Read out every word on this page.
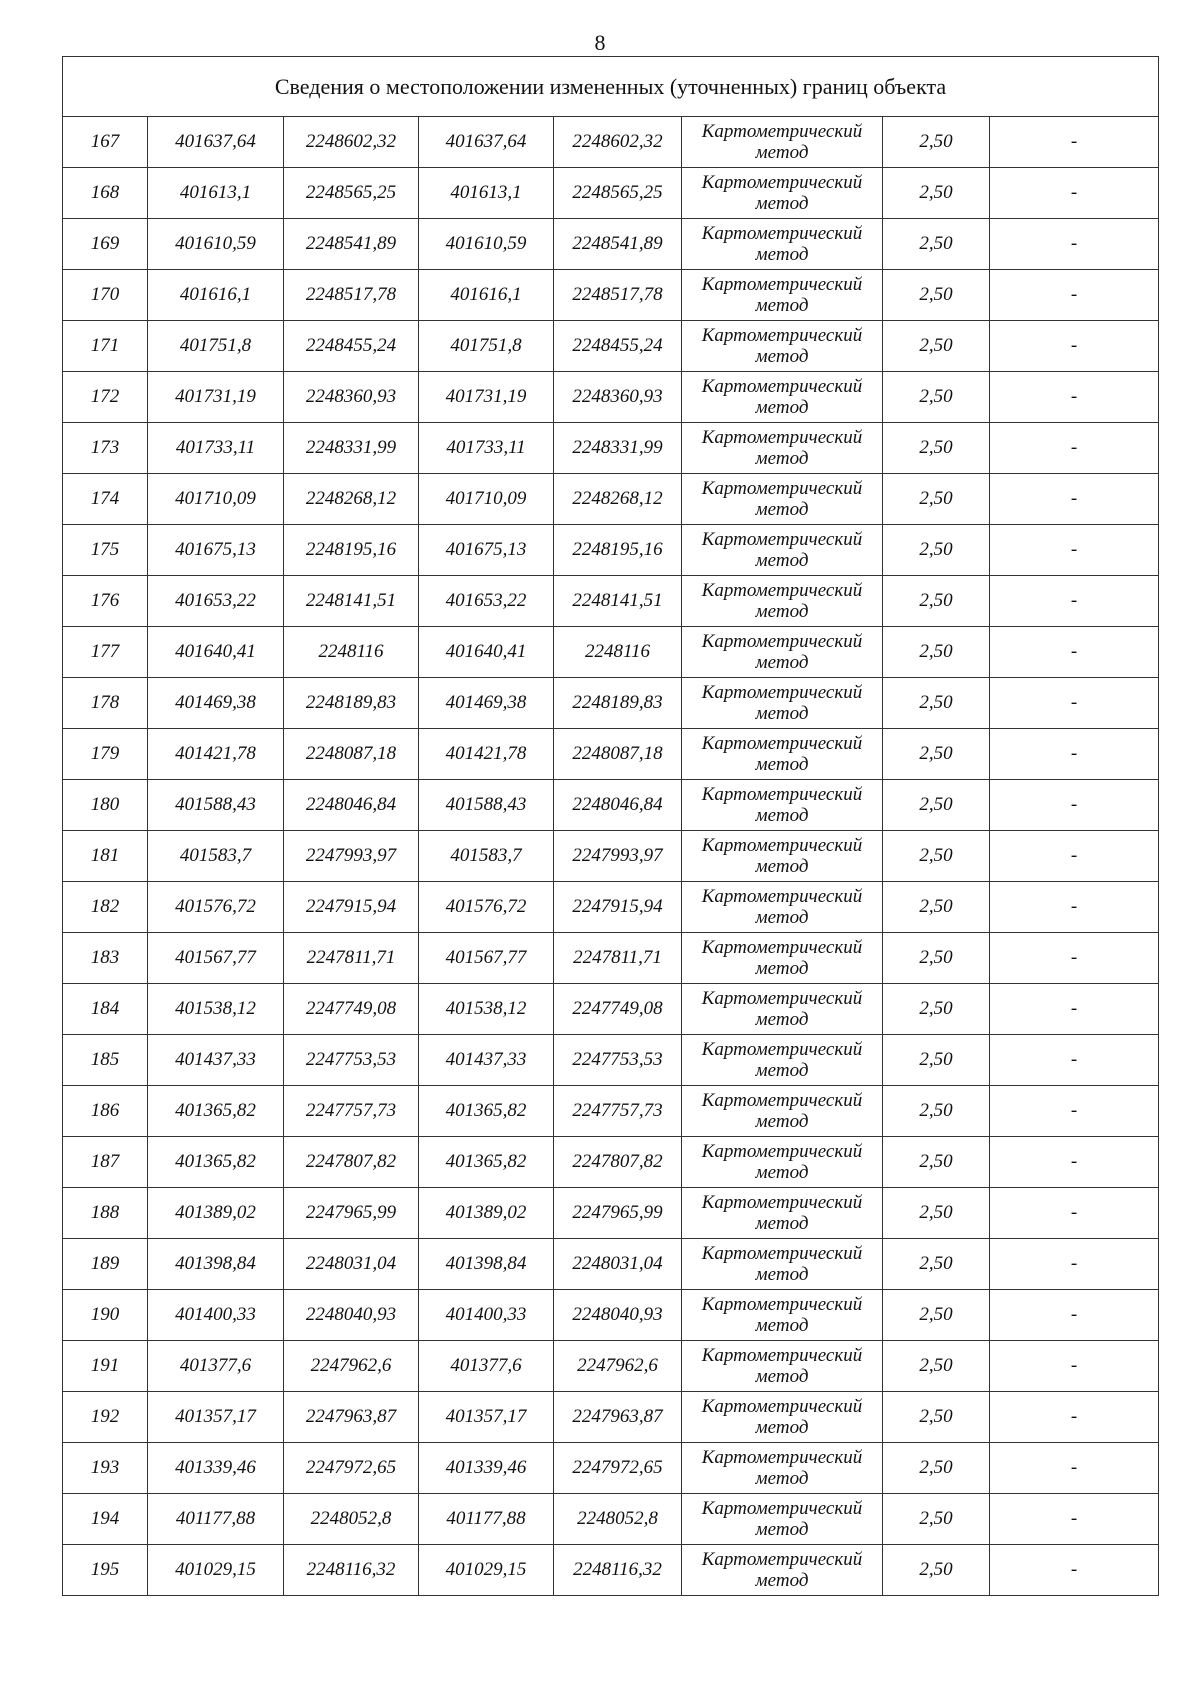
8
Сведения о местоположении измененных (уточненных) границ объекта							
167	401637,64	2248602,32	401637,64	2248602,32	Картометрический
метод	2,50	-
168	401613,1	2248565,25	401613,1	2248565,25	Картометрический
метод	2,50	-
169	401610,59	2248541,89	401610,59	2248541,89	Картометрический
метод	2,50	-
170	401616,1	2248517,78	401616,1	2248517,78	Картометрический
метод	2,50	-
171	401751,8	2248455,24	401751,8	2248455,24	Картометрический
метод	2,50	-
172	401731,19	2248360,93	401731,19	2248360,93	Картометрический
метод	2,50	-
173	401733,11	2248331,99	401733,11	2248331,99	Картометрический
метод	2,50	-
174	401710,09	2248268,12	401710,09	2248268,12	Картометрический
метод	2,50	-
175	401675,13	2248195,16	401675,13	2248195,16	Картометрический
метод	2,50	-
176	401653,22	2248141,51	401653,22	2248141,51	Картометрический
метод	2,50	-
177	401640,41	2248116	401640,41	2248116	Картометрический
метод	2,50	-
178	401469,38	2248189,83	401469,38	2248189,83	Картометрический
метод	2,50	-
179	401421,78	2248087,18	401421,78	2248087,18	Картометрический
метод	2,50	-
180	401588,43	2248046,84	401588,43	2248046,84	Картометрический
метод	2,50	-
181	401583,7	2247993,97	401583,7	2247993,97	Картометрический
метод	2,50	-
182	401576,72	2247915,94	401576,72	2247915,94	Картометрический
метод	2,50	-
183	401567,77	2247811,71	401567,77	2247811,71	Картометрический
метод	2,50	-
184	401538,12	2247749,08	401538,12	2247749,08	Картометрический
метод	2,50	-
185	401437,33	2247753,53	401437,33	2247753,53	Картометрический
метод	2,50	-
186	401365,82	2247757,73	401365,82	2247757,73	Картометрический
метод	2,50	-
187	401365,82	2247807,82	401365,82	2247807,82	Картометрический
метод	2,50	-
188	401389,02	2247965,99	401389,02	2247965,99	Картометрический
метод	2,50	-
189	401398,84	2248031,04	401398,84	2248031,04	Картометрический
метод	2,50	-
190	401400,33	2248040,93	401400,33	2248040,93	Картометрический
метод	2,50	-
191	401377,6	2247962,6	401377,6	2247962,6	Картометрический
метод	2,50	-
192	401357,17	2247963,87	401357,17	2247963,87	Картометрический
метод	2,50	-
193	401339,46	2247972,65	401339,46	2247972,65	Картометрический
метод	2,50	-
194	401177,88	2248052,8	401177,88	2248052,8	Картометрический
метод	2,50	-
195	401029,15	2248116,32	401029,15	2248116,32	Картометрический
метод	2,50	-
